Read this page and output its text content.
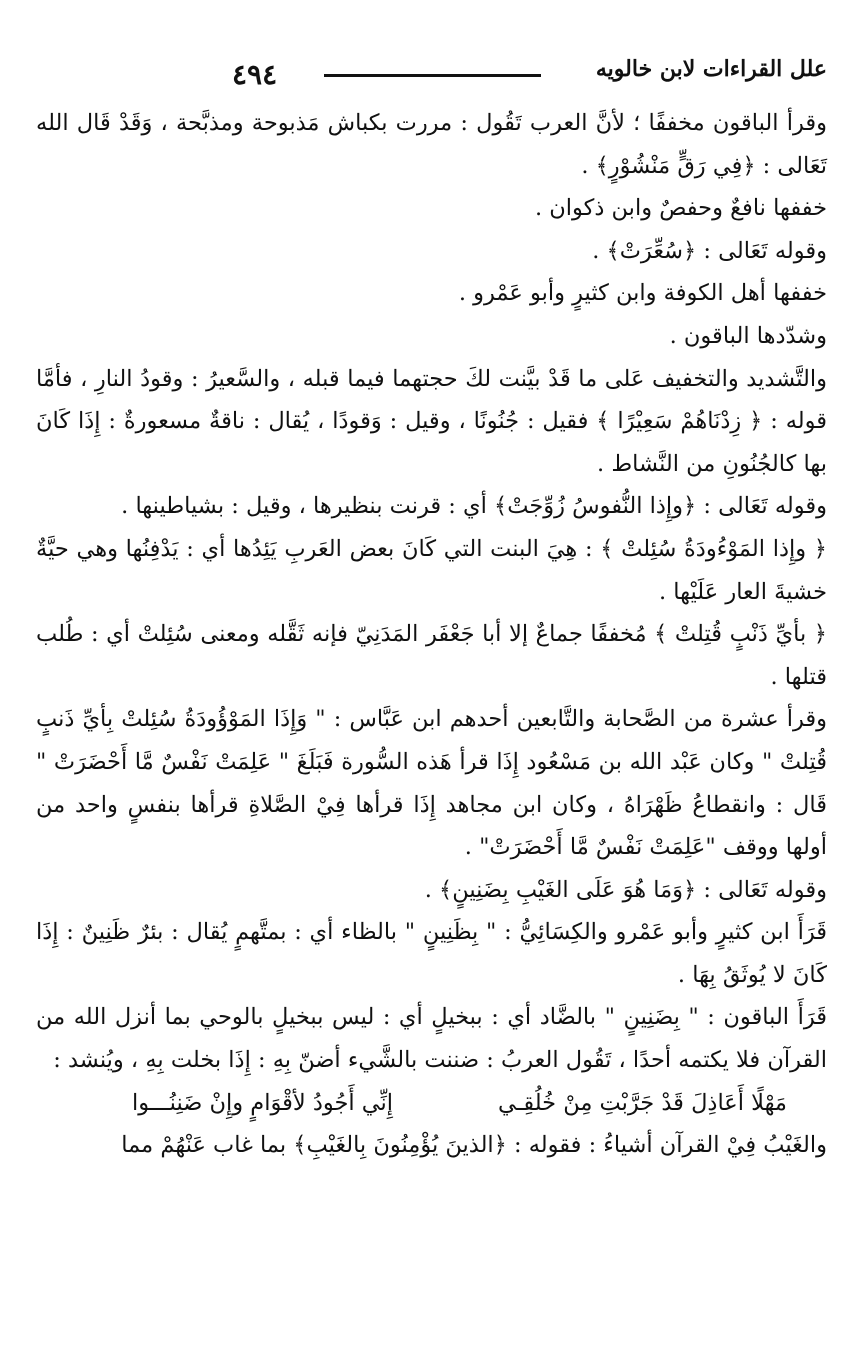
٤٩٤	علل القراءات لابن خالويه

وقرأ الباقون مخففًا ؛ لأنَّ العرب تَقُول : مررت بكباش مَذبوحة ومذبَّحة ، وَقَدْ قَال الله تَعَالى : ﴿فِي رَقٍّ مَنْشُوْرٍ﴾ .

خففها نافعٌ وحفصٌ وابن ذكوان .

وقوله تَعَالى : ﴿سُعِّرَتْ﴾ .

خففها أهل الكوفة وابن كثيرٍ وأبو عَمْرو .

وشدّدها الباقون .

والتَّشديد والتخفيف عَلى ما قَدْ بيَّنت لكَ حجتهما فيما قبله ، والسَّعيرُ : وقودُ النارِ ، فأمَّا قوله : ﴿ زِدْنَاهُمْ سَعِيْرًا ﴾ فقيل : جُنُونًا ، وقيل : وَقودًا ، يُقال : ناقةٌ مسعورةٌ : إِذَا كَانَ بها كالجُنُونِ من النَّشاط .

وقوله تَعَالى : ﴿وإِذا النُّفوسُ زُوِّجَتْ﴾ أي : قرنت بنظيرها ، وقيل : بشياطينها .

﴿ وإِذا المَوْءُودَةُ سُئِلتْ ﴾ : هِيَ البنت التي كَانَ بعض العَربِ يَئِدُها أي : يَدْفِنُها وهي حيَّةٌ خشيةَ العار عَلَيْها .

﴿ بأيِّ ذَنْبٍ قُتِلتْ ﴾ مُخففًا جماعٌ إلا أبا جَعْفَر المَدَنِيّ فإنه ثَقَّله ومعنى سُئِلتْ أي : طُلب قتلها .

وقرأ عشرة من الصَّحابة والتَّابعين أحدهم ابن عَبَّاس : " وَإِذَا المَوْؤُودَةُ سُئِلتْ بِأيِّ ذَنبٍ قُتِلتْ " وكان عَبْد الله بن مَسْعُود إِذَا قرأ هَذه السُّورة فَبَلَغَ " عَلِمَتْ نَفْسٌ مَّا أَحْضَرَتْ " قَال : وانقطاعُ ظَهْرَاهُ ، وكان ابن مجاهد إِذَا قرأها فِيْ الصَّلاةِ قرأها بنفسٍ واحد من أولها ووقف "عَلِمَتْ نَفْسٌ مَّا أَحْضَرَتْ" .

وقوله تَعَالى : ﴿وَمَا هُوَ عَلَى الغَيْبِ بِضَنِينٍ﴾ .

قَرَأَ ابن كثيرٍ وأبو عَمْرو والكِسَائِيُّ : " بِظَنِينٍ " بالظاء أي : بمتَّهمٍ يُقال : بئرٌ ظَنِينٌ : إِذَا كَانَ لا يُوثَقُ بِهَا .

قَرَأَ الباقون : " بِضَنِينٍ " بالضَّاد أي : ببخيلٍ أي : ليس ببخيلٍ بالوحي بما أنزل الله من القرآن فلا يكتمه أحدًا ، تَقُول العربُ : ضننت بالشَّيء أضنّ بِهِ : إِذَا بخلت بِهِ ، ويُنشد :

مَهْلًا أَعَاذِلَ قَدْ جَرَّبْتِ مِنْ خُلُقِـي
إِنِّي أَجُودُ لأقْوَامٍ وإِنْ ضَنِنُـــوا

والغَيْبُ فِيْ القرآن أشياءُ : فقوله : ﴿الذينَ يُؤْمِنُونَ بِالغَيْبِ﴾ بما غاب عَنْهُمْ مما
